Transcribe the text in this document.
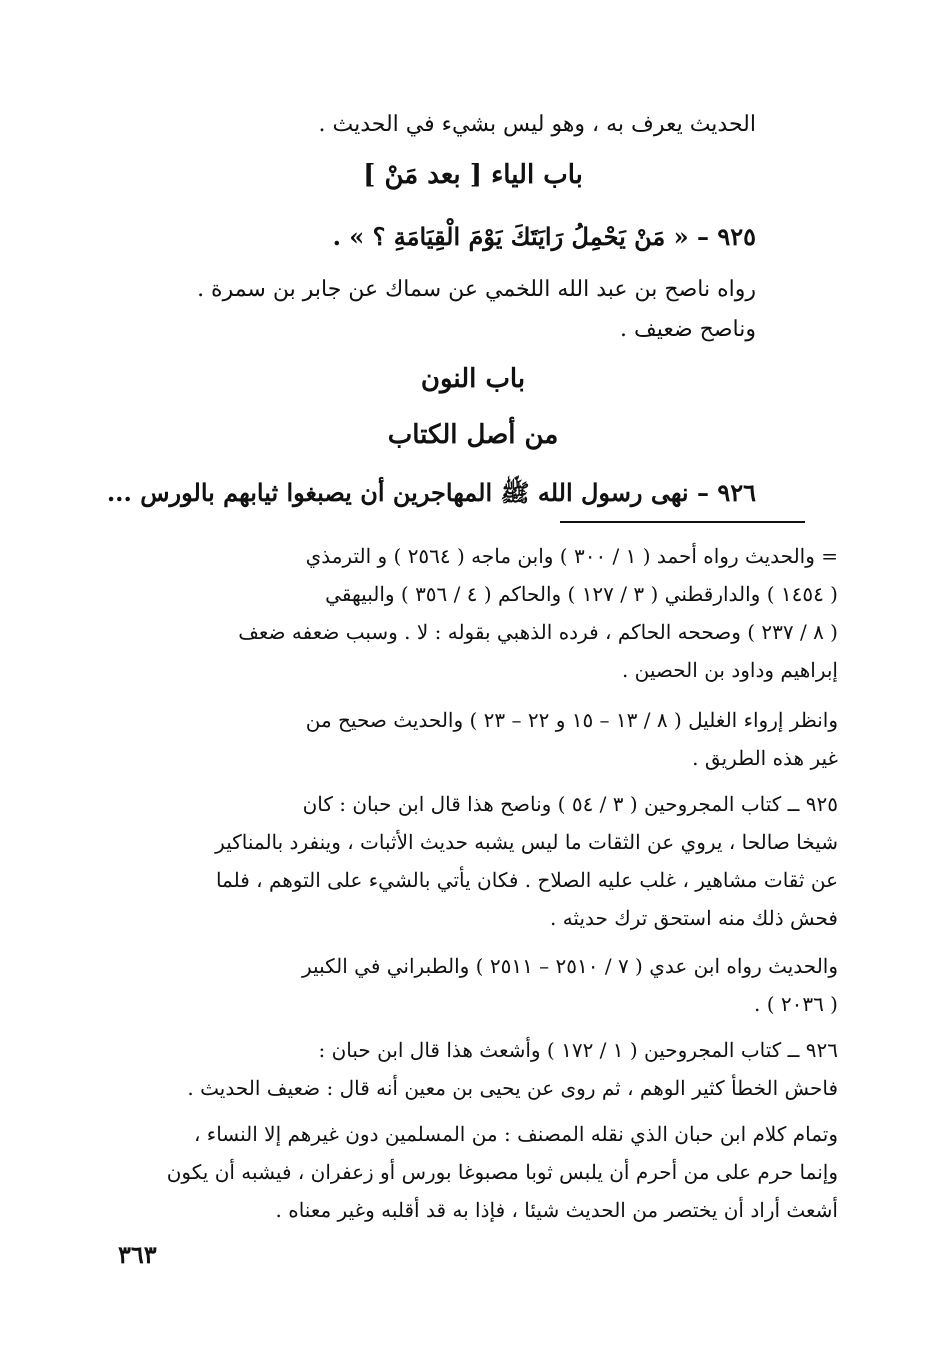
الحديث يعرف به ، وهو ليس بشيء في الحديث .
باب الياء [ بعد مَنْ ]
٩٢٥ – « مَنْ يَحْمِلُ رَايَتَكَ يَوْمَ الْقِيَامَةِ ؟ » .
رواه ناصح بن عبد الله اللخمي عن سماك عن جابر بن سمرة .
وناصح ضعيف .
باب النون
من أصل الكتاب
٩٢٦ – نهى رسول الله ﷺ المهاجرين أن يصبغوا ثيابهم بالورس ...
= والحديث رواه أحمد ( ١ / ٣٠٠ ) وابن ماجه ( ٢٥٦٤ ) و الترمذي
( ١٤٥٤ ) والدارقطني ( ٣ / ١٢٧ ) والحاكم ( ٤ / ٣٥٦ ) والبيهقي
( ٨ / ٢٣٧ ) وصححه الحاكم ، فرده الذهبي بقوله : لا . وسبب ضعفه ضعف
إبراهيم وداود بن الحصين .
وانظر إرواء الغليل ( ٨ / ١٣ – ١٥ و ٢٢ – ٢٣ ) والحديث صحيح من
غير هذه الطريق .
٩٢٥ ــ كتاب المجروحين ( ٣ / ٥٤ ) وناصح هذا قال ابن حبان : كان
شيخا صالحا ، يروي عن الثقات ما ليس يشبه حديث الأثبات ، وينفرد بالمناكير
عن ثقات مشاهير ، غلب عليه الصلاح . فكان يأتي بالشيء على التوهم ، فلما
فحش ذلك منه استحق ترك حديثه .
والحديث رواه ابن عدي ( ٧ / ٢٥١٠ – ٢٥١١ ) والطبراني في الكبير
( ٢٠٣٦ ) .
٩٢٦ ــ كتاب المجروحين ( ١ / ١٧٢ ) وأشعث هذا قال ابن حبان :
فاحش الخطأ كثير الوهم ، ثم روى عن يحيى بن معين أنه قال : ضعيف الحديث .
وتمام كلام ابن حبان الذي نقله المصنف : من المسلمين دون غيرهم إلا النساء ،
وإنما حرم على من أحرم أن يلبس ثوبا مصبوغا بورس أو زعفران ، فيشبه أن يكون
أشعث أراد أن يختصر من الحديث شيئا ، فإذا به قد أقلبه وغير معناه .
٣٦٣
